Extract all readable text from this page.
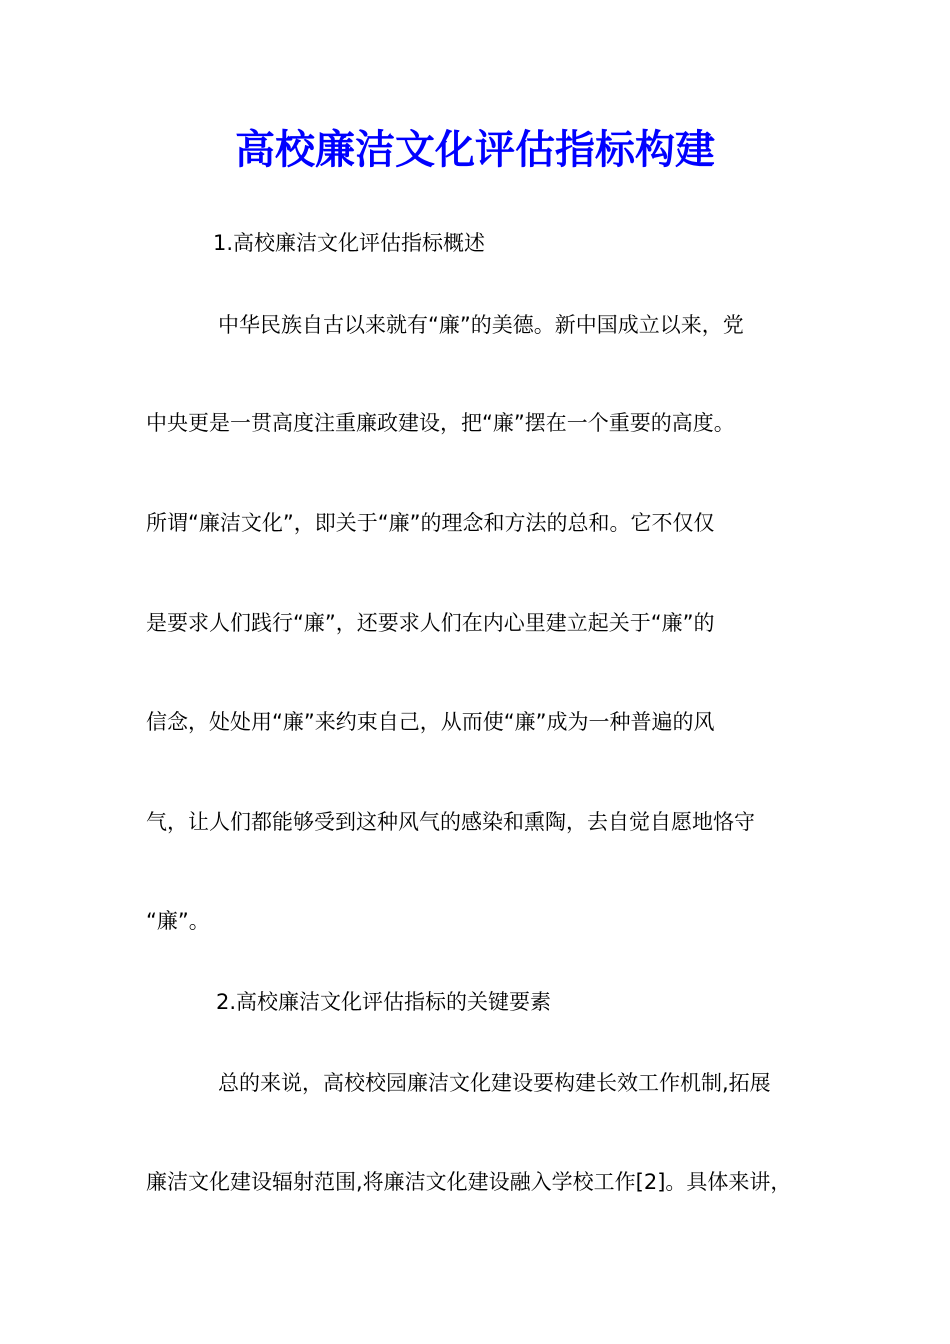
高校廉洁文化评估指标构建
1.高校廉洁文化评估指标概述
中华民族自古以来就有“廉”的美德。新中国成立以来，党
中央更是一贯高度注重廉政建设，把“廉”摆在一个重要的高度。
所谓“廉洁文化”，即关于“廉”的理念和方法的总和。它不仅仅
是要求人们践行“廉”，还要求人们在内心里建立起关于“廉”的
信念，处处用“廉”来约束自己，从而使“廉”成为一种普遍的风
气，让人们都能够受到这种风气的感染和熏陶，去自觉自愿地恪守
“廉”。
2.高校廉洁文化评估指标的关键要素
总的来说，高校校园廉洁文化建设要构建长效工作机制,拓展
廉洁文化建设辐射范围,将廉洁文化建设融入学校工作[2]。具体来讲，
